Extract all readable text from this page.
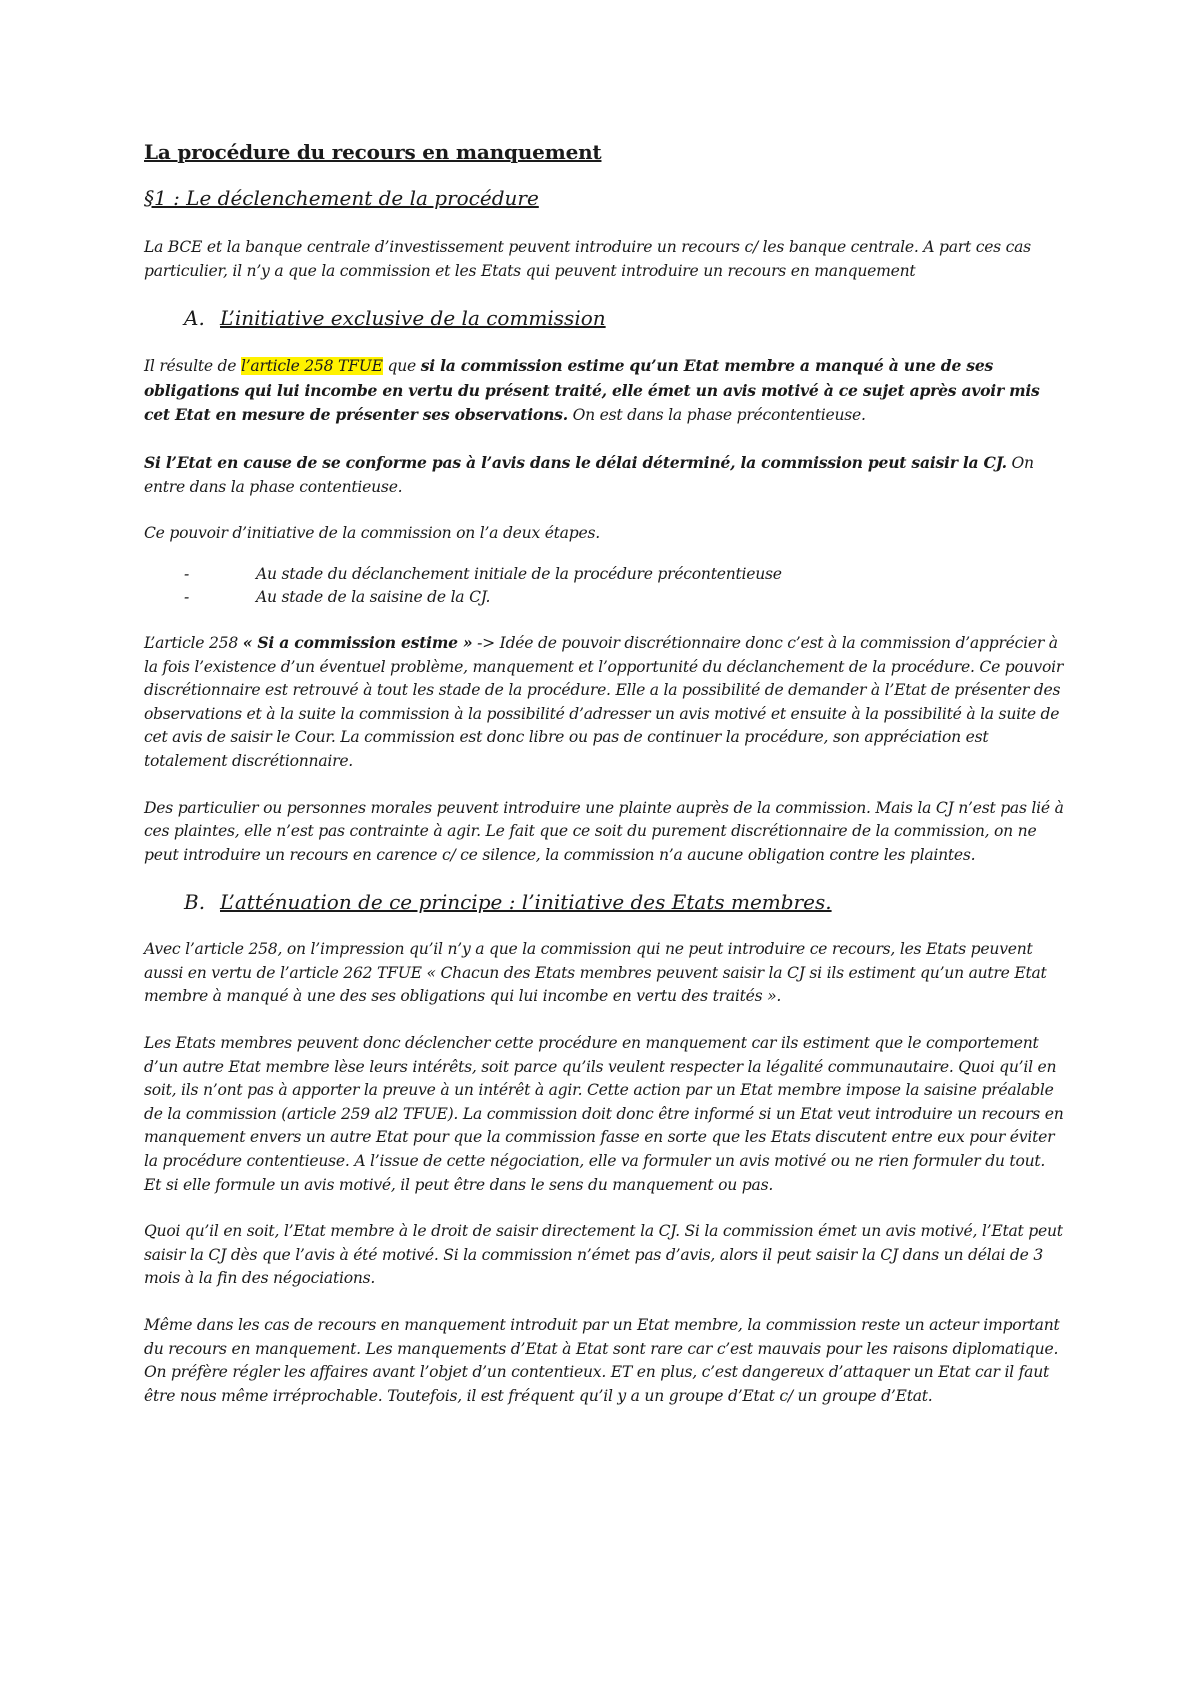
La procédure du recours en manquement
§1 : Le déclenchement de la procédure

La BCE et la banque centrale d’investissement peuvent introduire un recours c/ les banque centrale. A part ces cas particulier, il n’y a que la commission et les Etats qui peuvent introduire un recours en manquement

A. L’initiative exclusive de la commission

Il résulte de l’article 258 TFUE que si la commission estime qu’un Etat membre a manqué à une de ses obligations qui lui incombe en vertu du présent traité, elle émet un avis motivé à ce sujet après avoir mis cet Etat en mesure de présenter ses observations. On est dans la phase précontentieuse.

Si l’Etat en cause de se conforme pas à l’avis dans le délai déterminé, la commission peut saisir la CJ. On entre dans la phase contentieuse.

Ce pouvoir d’initiative de la commission on l’a deux étapes.

-	Au stade du déclanchement initiale de la procédure précontentieuse
-	Au stade de la saisine de la CJ.

L’article 258 « Si a commission estime » -> Idée de pouvoir discrétionnaire donc c’est à la commission d’apprécier à la fois l’existence d’un éventuel problème, manquement et l’opportunité du déclanchement de la procédure. Ce pouvoir discrétionnaire est retrouvé à tout les stade de la procédure. Elle a la possibilité de demander à l’Etat de présenter des observations et à la suite la commission à la possibilité d’adresser un avis motivé et ensuite à la possibilité à la suite de cet avis de saisir le Cour. La commission est donc libre ou pas de continuer la procédure, son appréciation est totalement discrétionnaire.

Des particulier ou personnes morales peuvent introduire une plainte auprès de la commission. Mais la CJ n’est pas lié à ces plaintes, elle n’est pas contrainte à agir. Le fait que ce soit du purement discrétionnaire de la commission, on ne peut introduire un recours en carence c/ ce silence, la commission n’a aucune obligation contre les plaintes.

B. L’atténuation de ce principe : l’initiative des Etats membres.

Avec l’article 258, on l’impression qu’il n’y a que la commission qui ne peut introduire ce recours, les Etats peuvent aussi en vertu de l’article 262 TFUE « Chacun des Etats membres peuvent saisir la CJ si ils estiment qu’un autre Etat membre à manqué à une des ses obligations qui lui incombe en vertu des traités ».

Les Etats membres peuvent donc déclencher cette procédure en manquement car ils estiment que le comportement d’un autre Etat membre lèse leurs intérêts, soit parce qu’ils veulent respecter la légalité communautaire. Quoi qu’il en soit, ils n’ont pas à apporter la preuve à un intérêt à agir. Cette action par un Etat membre impose la saisine préalable de la commission (article 259 al2 TFUE). La commission doit donc être informé si un Etat veut introduire un recours en manquement envers un autre Etat pour que la commission fasse en sorte que les Etats discutent entre eux pour éviter la procédure contentieuse. A l’issue de cette négociation, elle va formuler un avis motivé ou ne rien formuler du tout. Et si elle formule un avis motivé, il peut être dans le sens du manquement ou pas.

Quoi qu’il en soit, l’Etat membre à le droit de saisir directement la CJ. Si la commission émet un avis motivé, l’Etat peut saisir la CJ dès que l’avis à été motivé. Si la commission n’émet pas d’avis, alors il peut saisir la CJ dans un délai de 3 mois à la fin des négociations.

Même dans les cas de recours en manquement introduit par un Etat membre, la commission reste un acteur important du recours en manquement. Les manquements d’Etat à Etat sont rare car c’est mauvais pour les raisons diplomatique. On préfère régler les affaires avant l’objet d’un contentieux. ET en plus, c’est dangereux d’attaquer un Etat car il faut être nous même irréprochable. Toutefois, il est fréquent qu’il y a un groupe d’Etat c/ un groupe d’Etat.
